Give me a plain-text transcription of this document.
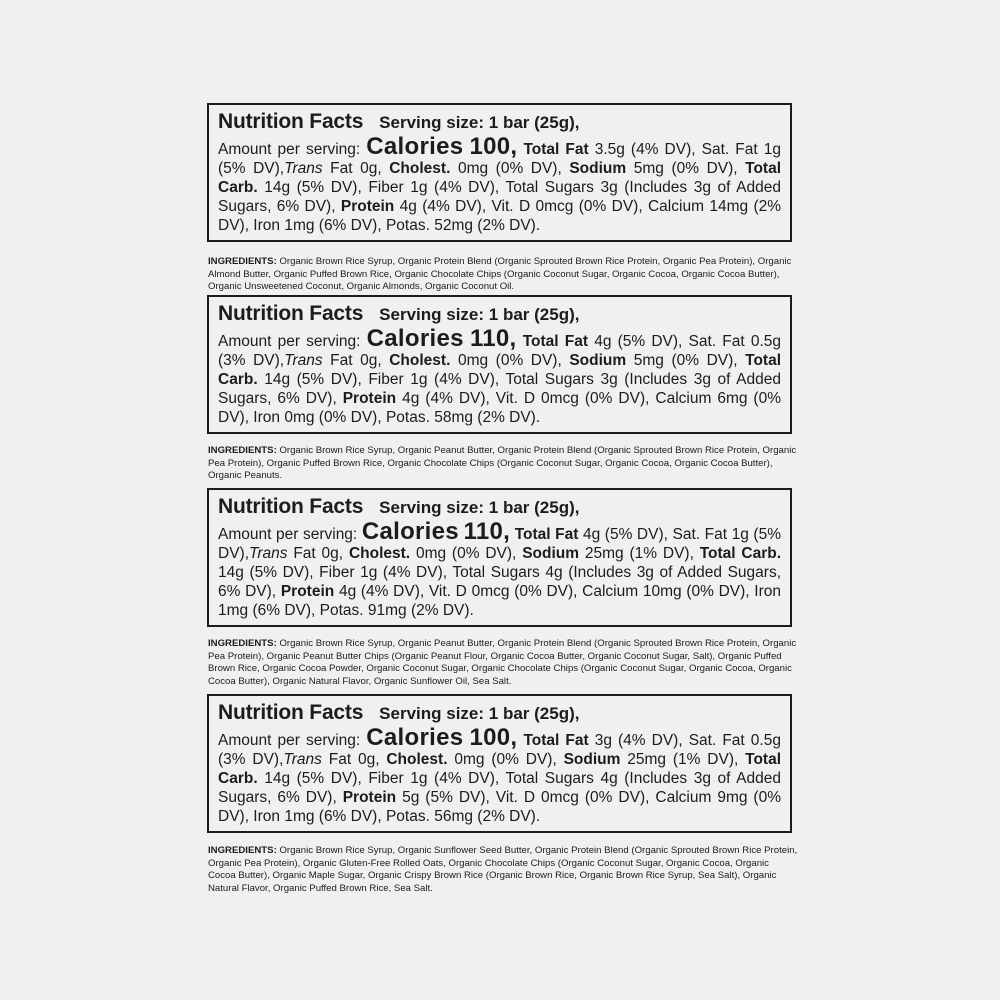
Nutrition Facts Serving size: 1 bar (25g),
Amount per serving: Calories 100, Total Fat 3.5g (4% DV), Sat. Fat 1g (5% DV),Trans Fat 0g, Cholest. 0mg (0% DV), Sodium 5mg (0% DV), Total Carb. 14g (5% DV), Fiber 1g (4% DV), Total Sugars 3g (Includes 3g of Added Sugars, 6% DV), Protein 4g (4% DV), Vit. D 0mcg (0% DV), Calcium 14mg (2% DV), Iron 1mg (6% DV), Potas. 52mg (2% DV).
INGREDIENTS: Organic Brown Rice Syrup, Organic Protein Blend (Organic Sprouted Brown Rice Protein, Organic Pea Protein), Organic Almond Butter, Organic Puffed Brown Rice, Organic Chocolate Chips (Organic Coconut Sugar, Organic Cocoa, Organic Cocoa Butter), Organic Unsweetened Coconut, Organic Almonds, Organic Coconut Oil.
Nutrition Facts Serving size: 1 bar (25g),
Amount per serving: Calories 110, Total Fat 4g (5% DV), Sat. Fat 0.5g (3% DV),Trans Fat 0g, Cholest. 0mg (0% DV), Sodium 5mg (0% DV), Total Carb. 14g (5% DV), Fiber 1g (4% DV), Total Sugars 3g (Includes 3g of Added Sugars, 6% DV), Protein 4g (4% DV), Vit. D 0mcg (0% DV), Calcium 6mg (0% DV), Iron 0mg (0% DV), Potas. 58mg (2% DV).
INGREDIENTS: Organic Brown Rice Syrup, Organic Peanut Butter, Organic Protein Blend (Organic Sprouted Brown Rice Protein, Organic Pea Protein), Organic Puffed Brown Rice, Organic Chocolate Chips (Organic Coconut Sugar, Organic Cocoa, Organic Cocoa Butter), Organic Peanuts.
Nutrition Facts Serving size: 1 bar (25g),
Amount per serving: Calories 110, Total Fat 4g (5% DV), Sat. Fat 1g (5% DV),Trans Fat 0g, Cholest. 0mg (0% DV), Sodium 25mg (1% DV), Total Carb. 14g (5% DV), Fiber 1g (4% DV), Total Sugars 4g (Includes 3g of Added Sugars, 6% DV), Protein 4g (4% DV), Vit. D 0mcg (0% DV), Calcium 10mg (0% DV), Iron 1mg (6% DV), Potas. 91mg (2% DV).
INGREDIENTS: Organic Brown Rice Syrup, Organic Peanut Butter, Organic Protein Blend (Organic Sprouted Brown Rice Protein, Organic Pea Protein), Organic Peanut Butter Chips (Organic Peanut Flour, Organic Cocoa Butter, Organic Coconut Sugar, Salt), Organic Puffed Brown Rice, Organic Cocoa Powder, Organic Coconut Sugar, Organic Chocolate Chips (Organic Coconut Sugar, Organic Cocoa, Organic Cocoa Butter), Organic Natural Flavor, Organic Sunflower Oil, Sea Salt.
Nutrition Facts Serving size: 1 bar (25g),
Amount per serving: Calories 100, Total Fat 3g (4% DV), Sat. Fat 0.5g (3% DV),Trans Fat 0g, Cholest. 0mg (0% DV), Sodium 25mg (1% DV), Total Carb. 14g (5% DV), Fiber 1g (4% DV), Total Sugars 4g (Includes 3g of Added Sugars, 6% DV), Protein 5g (5% DV), Vit. D 0mcg (0% DV), Calcium 9mg (0% DV), Iron 1mg (6% DV), Potas. 56mg (2% DV).
INGREDIENTS: Organic Brown Rice Syrup, Organic Sunflower Seed Butter, Organic Protein Blend (Organic Sprouted Brown Rice Protein, Organic Pea Protein), Organic Gluten-Free Rolled Oats, Organic Chocolate Chips (Organic Coconut Sugar, Organic Cocoa, Organic Cocoa Butter), Organic Maple Sugar, Organic Crispy Brown Rice (Organic Brown Rice, Organic Brown Rice Syrup, Sea Salt), Organic Natural Flavor, Organic Puffed Brown Rice, Sea Salt.
